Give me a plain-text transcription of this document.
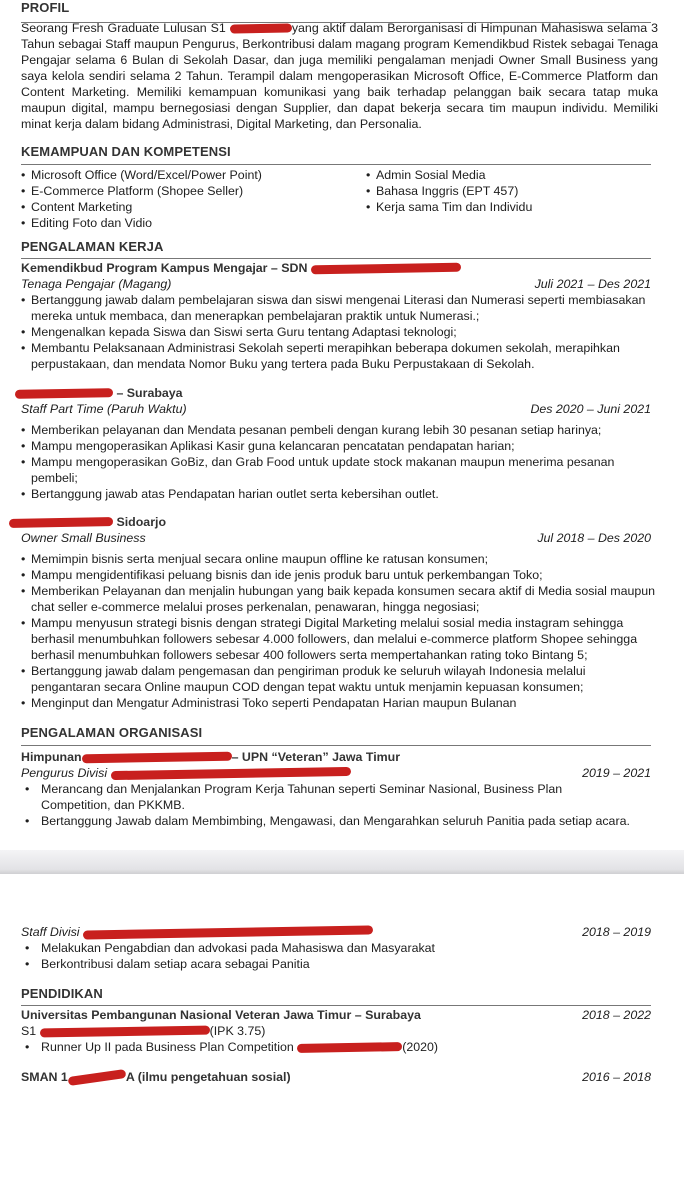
PROFIL
Seorang Fresh Graduate Lulusan S1	yang aktif dalam Berorganisasi di Himpunan Mahasiswa selama 3 Tahun sebagai Staff maupun Pengurus, Berkontribusi dalam magang program Kemendikbud Ristek sebagai Tenaga Pengajar selama 6 Bulan di Sekolah Dasar, dan juga memiliki pengalaman menjadi Owner Small Business yang saya kelola sendiri selama 2 Tahun. Terampil dalam mengoperasikan Microsoft Office, E-Commerce Platform dan Content Marketing. Memiliki kemampuan komunikasi yang baik terhadap pelanggan baik secara tatap muka maupun digital, mampu bernegosiasi dengan Supplier, dan dapat bekerja secara tim maupun individu. Memiliki minat kerja dalam bidang Administrasi, Digital Marketing, dan Personalia.
KEMAMPUAN DAN KOMPETENSI
• Microsoft Office (Word/Excel/Power Point)
• E-Commerce Platform (Shopee Seller)
• Content Marketing
• Editing Foto dan Vidio
• Admin Sosial Media
• Bahasa Inggris (EPT 457)
• Kerja sama Tim dan Individu
PENGALAMAN KERJA
Kemendikbud Program Kampus Mengajar – SDN
Tenaga Pengajar (Magang)	Juli 2021 – Des 2021
• Bertanggung jawab dalam pembelajaran siswa dan siswi mengenai Literasi dan Numerasi seperti membiasakan mereka untuk membaca, dan menerapkan pembelajaran praktik untuk Numerasi.;
• Mengenalkan kepada Siswa dan Siswi serta Guru tentang Adaptasi teknologi;
• Membantu Pelaksanaan Administrasi Sekolah seperti merapihkan beberapa dokumen sekolah, merapihkan perpustakaan, dan mendata Nomor Buku yang tertera pada Buku Perpustakaan di Sekolah.
– Surabaya
Staff Part Time (Paruh Waktu)	Des 2020 – Juni 2021
• Memberikan pelayanan dan Mendata pesanan pembeli dengan kurang lebih 30 pesanan setiap harinya;
• Mampu mengoperasikan Aplikasi Kasir guna kelancaran pencatatan pendapatan harian;
• Mampu mengoperasikan GoBiz, dan Grab Food untuk update stock makanan maupun menerima pesanan pembeli;
• Bertanggung jawab atas Pendapatan harian outlet serta kebersihan outlet.
Sidoarjo
Owner Small Business	Jul 2018 – Des 2020
• Memimpin bisnis serta menjual secara online maupun offline ke ratusan konsumen;
• Mampu mengidentifikasi peluang bisnis dan ide jenis produk baru untuk perkembangan Toko;
• Memberikan Pelayanan dan menjalin hubungan yang baik kepada konsumen secara aktif di Media sosial maupun chat seller e-commerce melalui proses perkenalan, penawaran, hingga negosiasi;
• Mampu menyusun strategi bisnis dengan strategi Digital Marketing melalui sosial media instagram sehingga berhasil menumbuhkan followers sebesar 4.000 followers, dan melalui e-commerce platform Shopee sehingga berhasil menumbuhkan followers sebesar 400 followers serta mempertahankan rating toko Bintang 5;
• Bertanggung jawab dalam pengemasan dan pengiriman produk ke seluruh wilayah Indonesia melalui pengantaran secara Online maupun COD dengan tepat waktu untuk menjamin kepuasan konsumen;
• Menginput dan Mengatur Administrasi Toko seperti Pendapatan Harian maupun Bulanan
PENGALAMAN ORGANISASI
Himpunan	– UPN “Veteran” Jawa Timur
Pengurus Divisi	2019 – 2021
• Merancang dan Menjalankan Program Kerja Tahunan seperti Seminar Nasional, Business Plan Competition, dan PKKMB.
• Bertanggung Jawab dalam Membimbing, Mengawasi, dan Mengarahkan seluruh Panitia pada setiap acara.
Staff Divisi	2018 – 2019
• Melakukan Pengabdian dan advokasi pada Mahasiswa dan Masyarakat
• Berkontribusi dalam setiap acara sebagai Panitia
PENDIDIKAN
Universitas Pembangunan Nasional Veteran Jawa Timur – Surabaya	2018 – 2022
S1	(IPK 3.75)
• Runner Up II pada Business Plan Competition	(2020)
SMAN 1	A (ilmu pengetahuan sosial)	2016 – 2018
